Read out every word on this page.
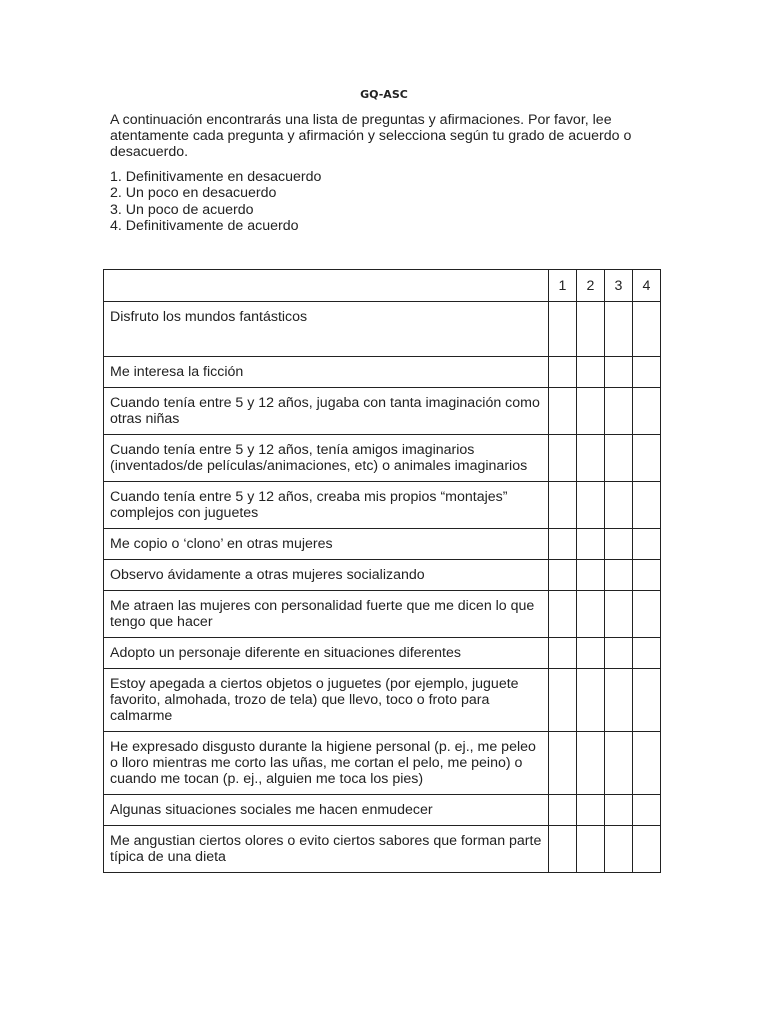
GQ-ASC

A continuación encontrarás una lista de preguntas y afirmaciones. Por favor, lee atentamente cada pregunta y afirmación y selecciona según tu grado de acuerdo o desacuerdo.

1. Definitivamente en desacuerdo
2. Un poco en desacuerdo
3. Un poco de acuerdo
4. Definitivamente de acuerdo
	1	2	3	4
Disfruto los mundos fantásticos				
Me interesa la ficción				
Cuando tenía entre 5 y 12 años, jugaba con tanta imaginación como otras niñas				
Cuando tenía entre 5 y 12 años, tenía amigos imaginarios (inventados/de películas/animaciones, etc) o animales imaginarios				
Cuando tenía entre 5 y 12 años, creaba mis propios “montajes” complejos con juguetes				
Me copio o ‘clono’ en otras mujeres				
Observo ávidamente a otras mujeres socializando				
Me atraen las mujeres con personalidad fuerte que me dicen lo que tengo que hacer				
Adopto un personaje diferente en situaciones diferentes				
Estoy apegada a ciertos objetos o juguetes (por ejemplo, juguete favorito, almohada, trozo de tela) que llevo, toco o froto para calmarme				
He expresado disgusto durante la higiene personal (p. ej., me peleo o lloro mientras me corto las uñas, me cortan el pelo, me peino) o cuando me tocan (p. ej., alguien me toca los pies)				
Algunas situaciones sociales me hacen enmudecer				
Me angustian ciertos olores o evito ciertos sabores que forman parte típica de una dieta				
